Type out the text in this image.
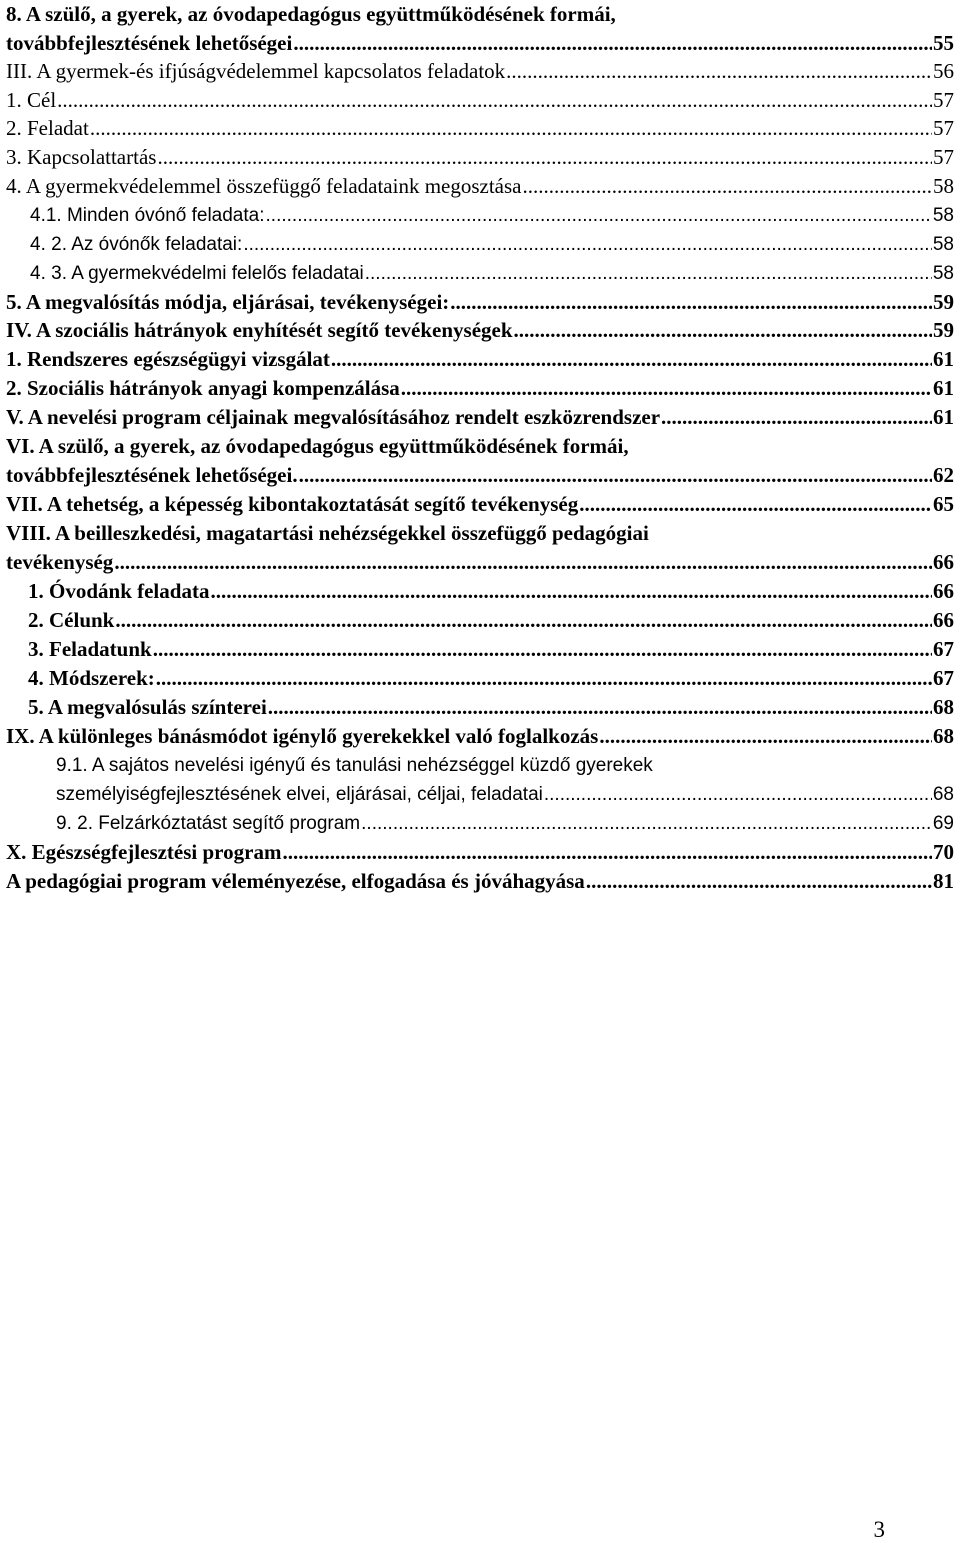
8. A szülő, a gyerek, az óvodapedagógus együttműködésének formái,
továbbfejlesztésének lehetőségei .....	55
III. A gyermek-és ifjúságvédelemmel kapcsolatos feladatok .....	56
1. Cél .....	57
2. Feladat .....	57
3. Kapcsolattartás .....	57
4. A gyermekvédelemmel összefüggő feladataink megosztása .....	58
4.1. Minden óvónő feladata: .....	58
4. 2. Az óvónők feladatai: .....	58
4. 3. A gyermekvédelmi felelős feladatai .....	58
5. A megvalósítás módja, eljárásai, tevékenységei: .....	59
IV. A szociális hátrányok enyhítését segítő tevékenységek .....	59
1. Rendszeres egészségügyi vizsgálat .....	61
2. Szociális hátrányok anyagi kompenzálása .....	61
V. A nevelési program céljainak megvalósításához rendelt eszközrendszer .....	61
VI. A szülő, a gyerek, az óvodapedagógus együttműködésének formái,
továbbfejlesztésének lehetőségei. .....	62
VII. A tehetség, a képesség kibontakoztatását segítő tevékenység .....	65
VIII. A beilleszkedési, magatartási nehézségekkel összefüggő pedagógiai
tevékenység .....	66
1. Óvodánk feladata .....	66
2. Célunk .....	66
3. Feladatunk .....	67
4. Módszerek: .....	67
5. A megvalósulás színterei .....	68
IX. A különleges bánásmódot igénylő gyerekekkel való foglalkozás .....	68
9.1. A sajátos nevelési igényű és tanulási nehézséggel küzdő gyerekek
személyiségfejlesztésének elvei, eljárásai, céljai, feladatai .....	68
9. 2. Felzárkóztatást segítő program .....	69
X. Egészségfejlesztési program .....	70
A pedagógiai program véleményezése, elfogadása és jóváhagyása .....	81
3
